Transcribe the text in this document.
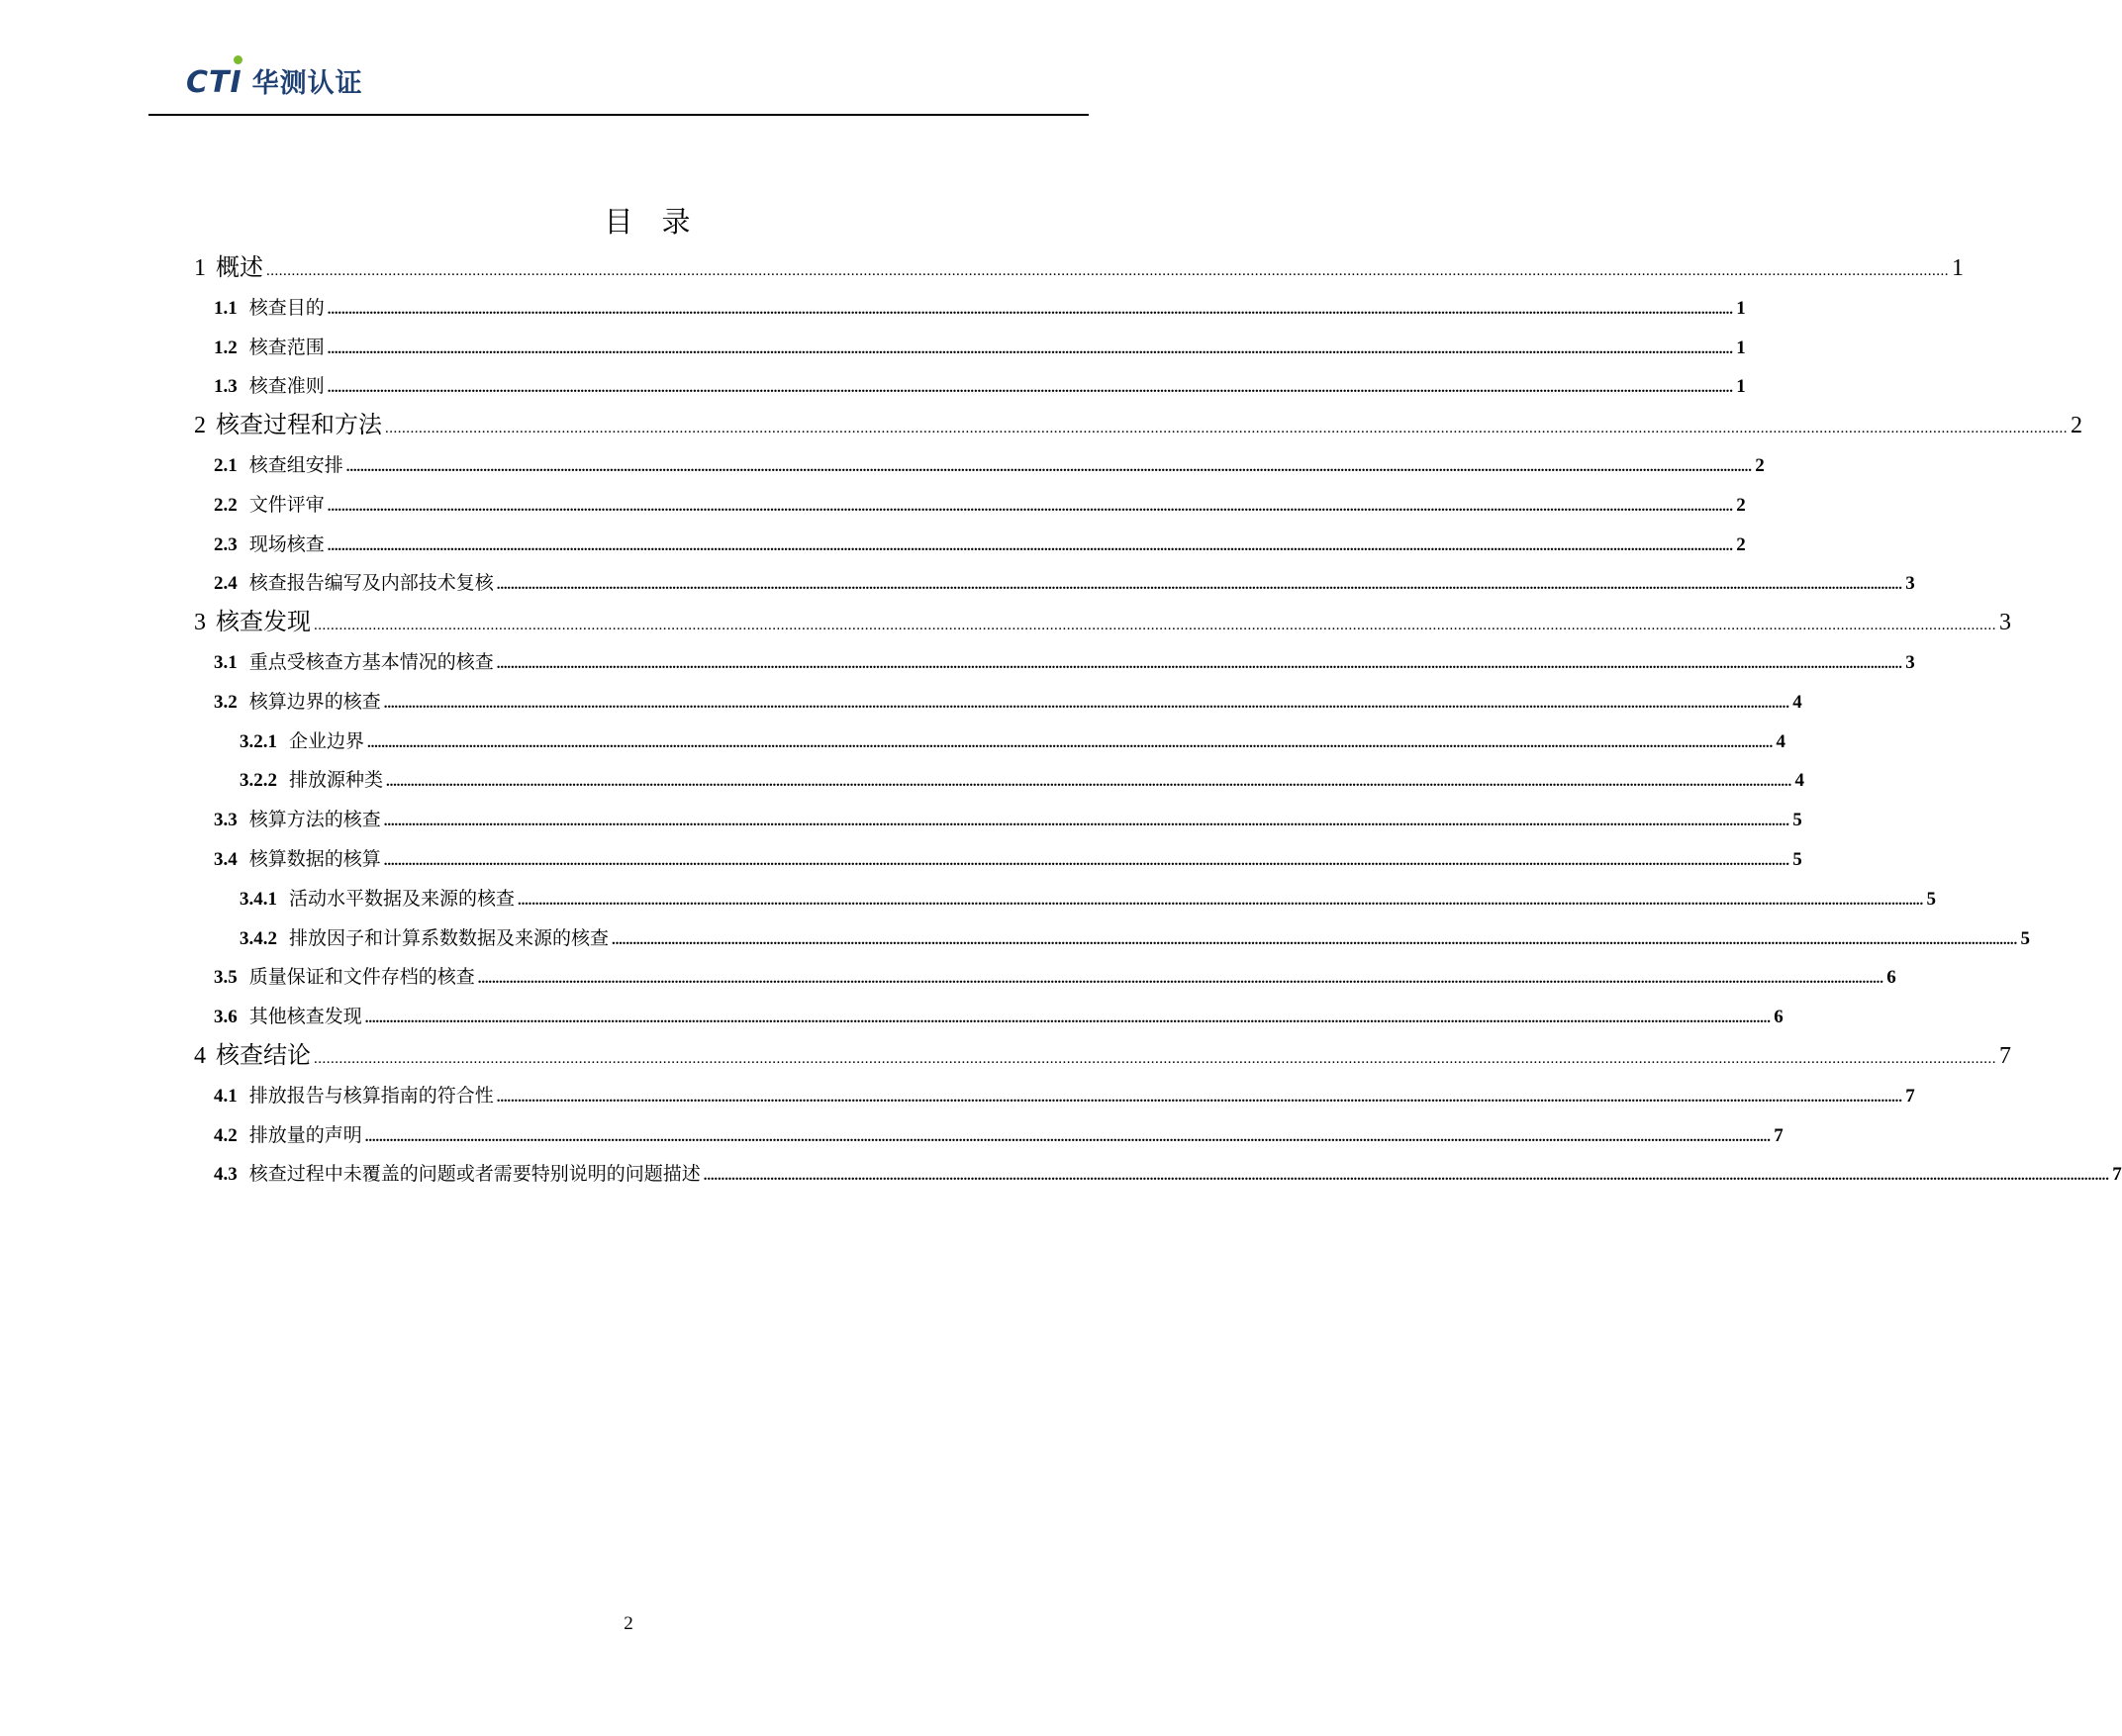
CTI 华测认证
目    录
1 概述 ................................................................................................................................................................................................................................................................................................................................................................................................................ 1
1.1 核查目的 ................................................................................................................................................................................................................................................................................................................................................................................................................ 1
1.2 核查范围 ................................................................................................................................................................................................................................................................................................................................................................................................................ 1
1.3 核查准则 ................................................................................................................................................................................................................................................................................................................................................................................................................ 1
2 核查过程和方法 ................................................................................................................................................................................................................................................................................................................................................................................................................ 2
2.1 核查组安排 ................................................................................................................................................................................................................................................................................................................................................................................................................ 2
2.2 文件评审 ................................................................................................................................................................................................................................................................................................................................................................................................................ 2
2.3 现场核查 ................................................................................................................................................................................................................................................................................................................................................................................................................ 2
2.4 核查报告编写及内部技术复核 ................................................................................................................................................................................................................................................................................................................................................................................................................ 3
3 核查发现 ................................................................................................................................................................................................................................................................................................................................................................................................................ 3
3.1 重点受核查方基本情况的核查 ................................................................................................................................................................................................................................................................................................................................................................................................................ 3
3.2 核算边界的核查 ................................................................................................................................................................................................................................................................................................................................................................................................................ 4
3.2.1 企业边界 ................................................................................................................................................................................................................................................................................................................................................................................................................ 4
3.2.2 排放源种类 ................................................................................................................................................................................................................................................................................................................................................................................................................ 4
3.3 核算方法的核查 ................................................................................................................................................................................................................................................................................................................................................................................................................ 5
3.4 核算数据的核算 ................................................................................................................................................................................................................................................................................................................................................................................................................ 5
3.4.1 活动水平数据及来源的核查 ................................................................................................................................................................................................................................................................................................................................................................................................................ 5
3.4.2 排放因子和计算系数数据及来源的核查 ................................................................................................................................................................................................................................................................................................................................................................................................................ 5
3.5 质量保证和文件存档的核查 ................................................................................................................................................................................................................................................................................................................................................................................................................ 6
3.6 其他核查发现 ................................................................................................................................................................................................................................................................................................................................................................................................................ 6
4 核查结论 ................................................................................................................................................................................................................................................................................................................................................................................................................ 7
4.1 排放报告与核算指南的符合性 ................................................................................................................................................................................................................................................................................................................................................................................................................ 7
4.2 排放量的声明 ................................................................................................................................................................................................................................................................................................................................................................................................................ 7
4.3 核查过程中未覆盖的问题或者需要特别说明的问题描述 ................................................................................................................................................................................................................................................................................................................................................................................................................ 7
2
